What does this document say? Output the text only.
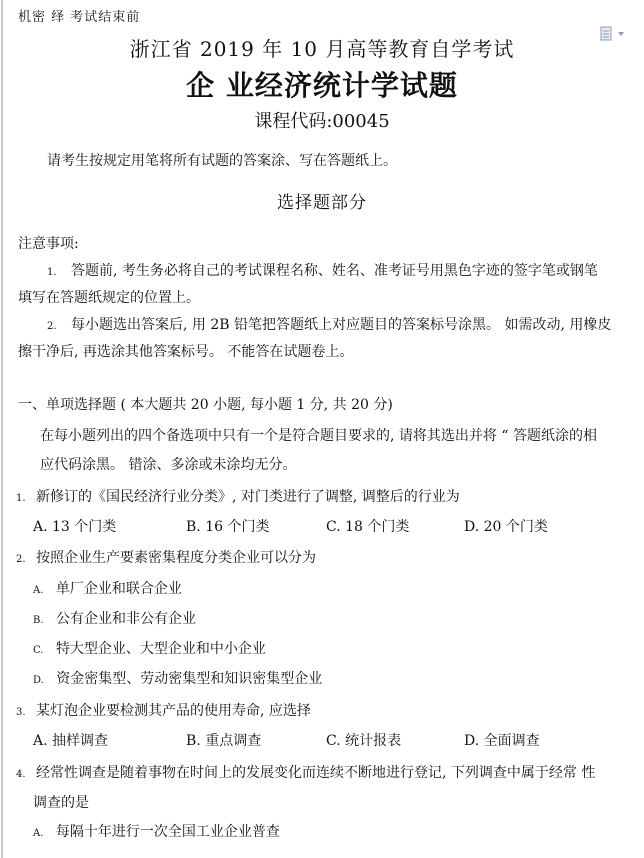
机密 绎 考试结束前
浙江省 2019 年 10 月高等教育自学考试
企 业经济统计学试题
课程代码:00045
请考生按规定用笔将所有试题的答案涂、写在答题纸上。
选择题部分
注意事项:
1. 答题前, 考生务必将自己的考试课程名称、姓名、准考证号用黑色字迹的签字笔或钢笔
填写在答题纸规定的位置上。
2. 每小题选出答案后, 用 2B 铅笔把答题纸上对应题目的答案标号涂黑。 如需改动, 用橡皮
擦干净后, 再选涂其他答案标号。 不能答在试题卷上。
一、单项选择题 ( 本大题共 20 小题, 每小题 1 分, 共 20 分)
在每小题列出的四个备选项中只有一个是符合题目要求的, 请将其选出并将 “ 答题纸涂的相
应代码涂黑。 错涂、多涂或未涂均无分。
1. 新修订的《国民经济行业分类》, 对门类进行了调整, 调整后的行业为
A. 13 个门类	B. 16 个门类	C. 18 个门类	D. 20 个门类
2. 按照企业生产要素密集程度分类企业可以分为
A. 单厂企业和联合企业
B. 公有企业和非公有企业
C. 特大型企业、大型企业和中小企业
D. 资金密集型、劳动密集型和知识密集型企业
3. 某灯泡企业要检测其产品的使用寿命, 应选择
A. 抽样调查	B. 重点调查	C. 统计报表	D. 全面调查
4. 经常性调查是随着事物在时间上的发展变化而连续不断地进行登记, 下列调查中属于经常 性
调查的是
A. 每隔十年进行一次全国工业企业普查
